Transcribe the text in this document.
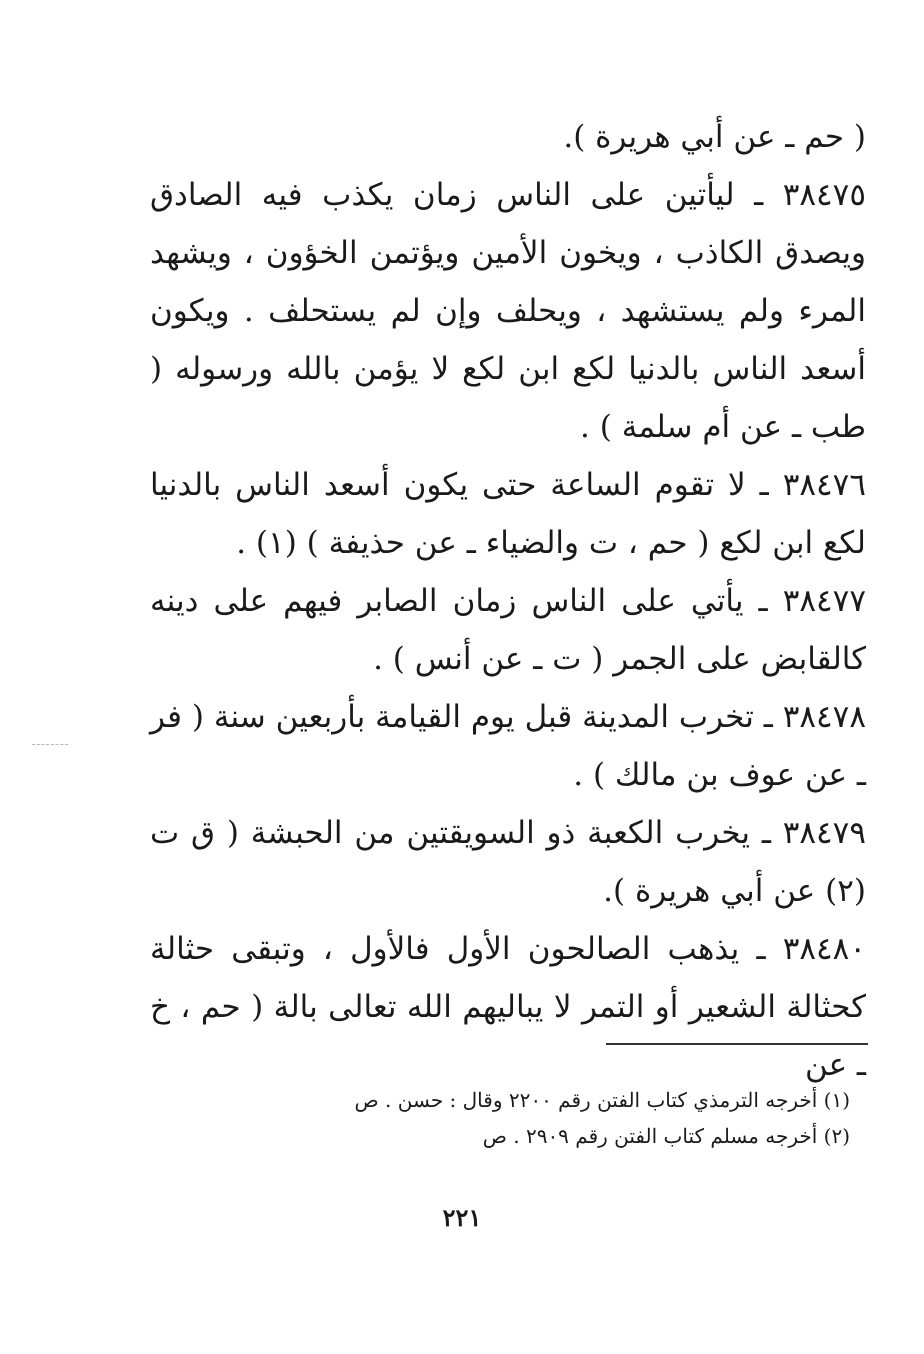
( حم ـ عن أبي هريرة ).

٣٨٤٧٥ ـ ليأتين على الناس زمان يكذب فيه الصادق ويصدق الكاذب ، ويخون الأمين ويؤتمن الخؤون ، ويشهد المرء ولم يستشهد ، ويحلف وإن لم يستحلف . ويكون أسعد الناس بالدنيا لكع ابن لكع لا يؤمن بالله ورسوله ( طب ـ عن أم سلمة ) .

٣٨٤٧٦ ـ لا تقوم الساعة حتى يكون أسعد الناس بالدنيا لكع ابن لكع ( حم ، ت والضياء ـ عن حذيفة ) (١) .

٣٨٤٧٧ ـ يأتي على الناس زمان الصابر فيهم على دينه كالقابض على الجمر ( ت ـ عن أنس ) .

٣٨٤٧٨ ـ تخرب المدينة قبل يوم القيامة بأربعين سنة ( فر ـ عن عوف بن مالك ) .

٣٨٤٧٩ ـ يخرب الكعبة ذو السويقتين من الحبشة ( ق ت (٢) عن أبي هريرة ).

٣٨٤٨٠ ـ يذهب الصالحون الأول فالأول ، وتبقى حثالة كحثالة الشعير أو التمر لا يباليهم الله تعالى بالة ( حم ، خ ـ عن

(١) أخرجه الترمذي كتاب الفتن رقم ٢٢٠٠ وقال : حسن . ص

(٢) أخرجه مسلم كتاب الفتن رقم ٢٩٠٩ . ص

٢٢١
